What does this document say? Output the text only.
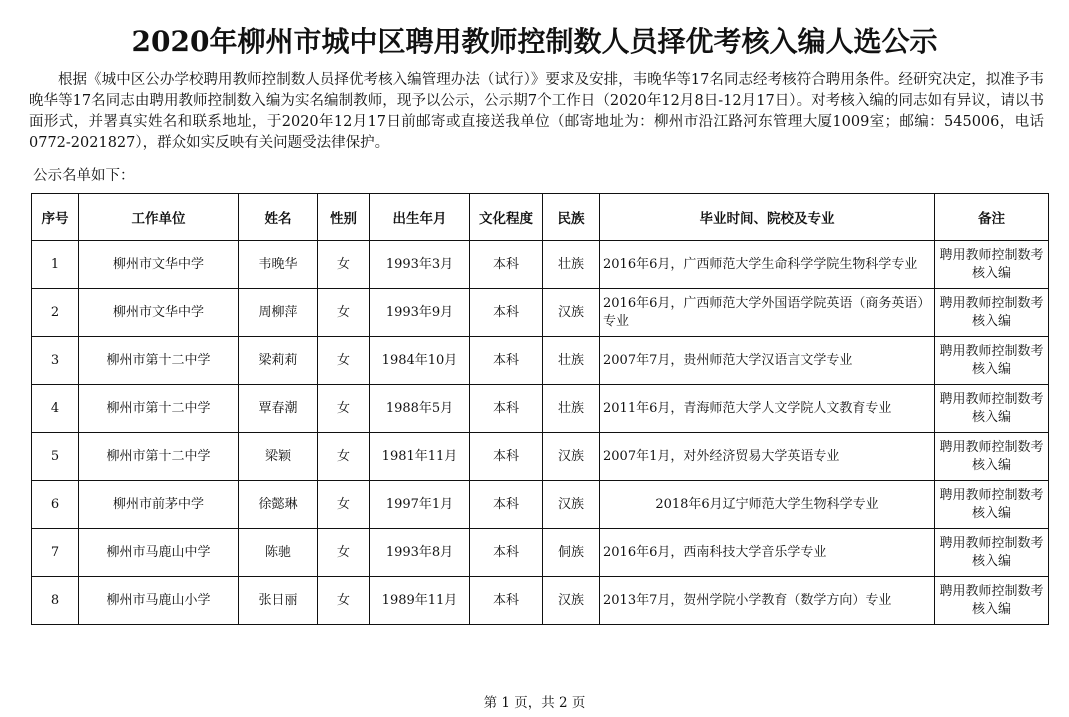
2020年柳州市城中区聘用教师控制数人员择优考核入编人选公示
根据《城中区公办学校聘用教师控制数人员择优考核入编管理办法（试行）》要求及安排，韦晚华等17名同志经考核符合聘用条件。经研究决定，拟准予韦晚华等17名同志由聘用教师控制数入编为实名编制教师，现予以公示，公示期7个工作日（2020年12月8日-12月17日）。对考核入编的同志如有异议，请以书面形式，并署真实姓名和联系地址，于2020年12月17日前邮寄或直接送我单位（邮寄地址为：柳州市沿江路河东管理大厦1009室；邮编：545006，电话0772-2021827），群众如实反映有关问题受法律保护。
公示名单如下：
序号	工作单位	姓名	性别	出生年月	文化程度	民族	毕业时间、院校及专业	备注
1	柳州市文华中学	韦晚华	女	1993年3月	本科	壮族	2016年6月，广西师范大学生命科学学院生物科学专业	聘用教师控制数考核入编
2	柳州市文华中学	周柳萍	女	1993年9月	本科	汉族	2016年6月，广西师范大学外国语学院英语（商务英语）专业	聘用教师控制数考核入编
3	柳州市第十二中学	梁莉莉	女	1984年10月	本科	壮族	2007年7月，贵州师范大学汉语言文学专业	聘用教师控制数考核入编
4	柳州市第十二中学	覃春潮	女	1988年5月	本科	壮族	2011年6月，青海师范大学人文学院人文教育专业	聘用教师控制数考核入编
5	柳州市第十二中学	梁颖	女	1981年11月	本科	汉族	2007年1月，对外经济贸易大学英语专业	聘用教师控制数考核入编
6	柳州市前茅中学	徐懿琳	女	1997年1月	本科	汉族	2018年6月辽宁师范大学生物科学专业	聘用教师控制数考核入编
7	柳州市马鹿山中学	陈驰	女	1993年8月	本科	侗族	2016年6月，西南科技大学音乐学专业	聘用教师控制数考核入编
8	柳州市马鹿山小学	张日丽	女	1989年11月	本科	汉族	2013年7月，贺州学院小学教育（数学方向）专业	聘用教师控制数考核入编
第 1 页，共 2 页
